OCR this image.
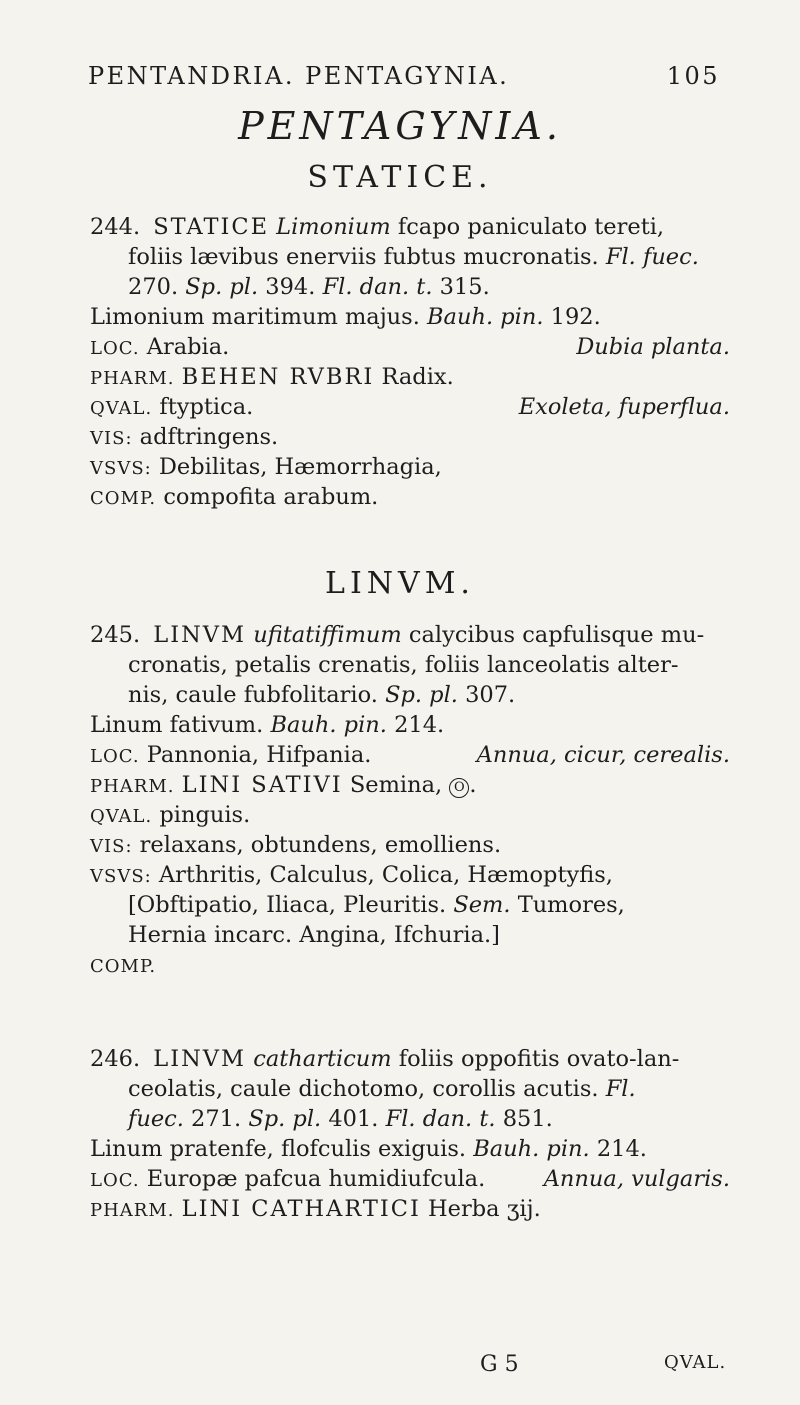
PENTANDRIA. PENTAGYNIA.	105
PENTAGYNIA.
STATICE.
244. STATICE Limonium fcapo paniculato tereti,
foliis lævibus enerviis fubtus mucronatis. Fl. fuec.
270. Sp. pl. 394. Fl. dan. t. 315.
Limonium maritimum majus. Bauh. pin. 192.
LOC. Arabia.	Dubia planta.
PHARM. BEHEN RVBRI Radix.
QVAL. ftyptica.	Exoleta, fuperflua.
VIS: adftringens.
VSVS: Debilitas, Hæmorrhagia,
COMP. compofita arabum.
LINVM.
245. LINVM ufitatiffimum calycibus capfulisque mu-
cronatis, petalis crenatis, foliis lanceolatis alter-
nis, caule fubfolitario. Sp. pl. 307.
Linum fativum. Bauh. pin. 214.
LOC. Pannonia, Hifpania.	Annua, cicur, cerealis.
PHARM. LINI SATIVI Semina, O .
QVAL. pinguis.
VIS: relaxans, obtundens, emolliens.
VSVS: Arthritis, Calculus, Colica, Hæmoptyfis,
[Obftipatio, Iliaca, Pleuritis. Sem. Tumores,
Hernia incarc. Angina, Ifchuria.]
COMP.
246. LINVM catharticum foliis oppofitis ovato-lan-
ceolatis, caule dichotomo, corollis acutis. Fl.
fuec. 271. Sp. pl. 401. Fl. dan. t. 851.
Linum pratenfe, flofculis exiguis. Bauh. pin. 214.
LOC. Europæ pafcua humidiufcula.	Annua, vulgaris.
PHARM. LINI CATHARTICI Herba ʒij.
G 5	QVAL.
